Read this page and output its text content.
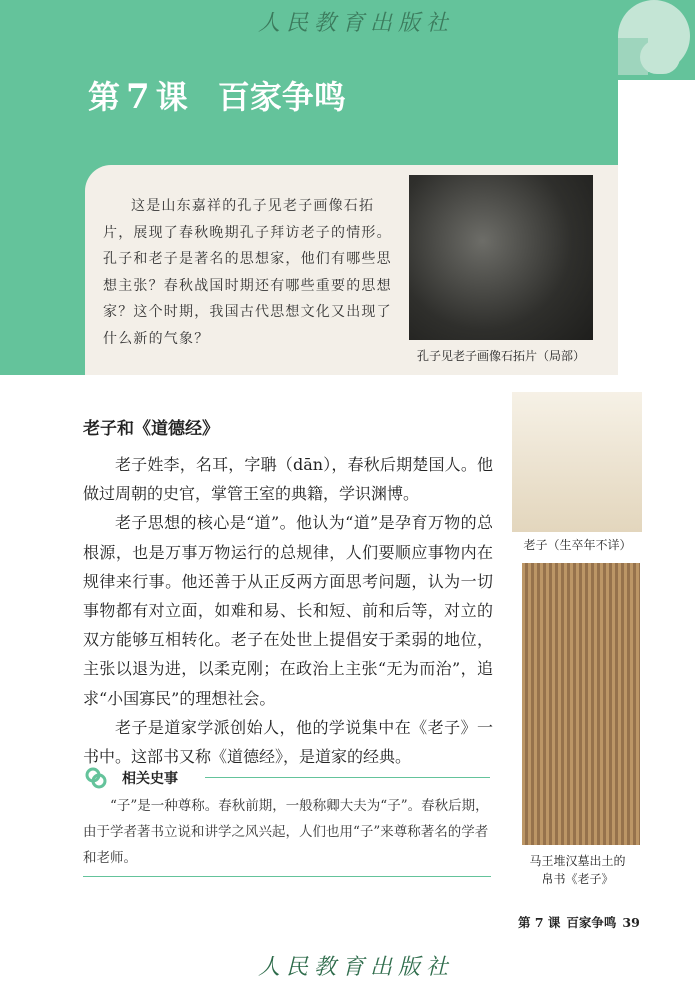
人民教育出版社
第 7 课 百家争鸣
这是山东嘉祥的孔子见老子画像石拓片，展现了春秋晚期孔子拜访老子的情形。孔子和老子是著名的思想家，他们有哪些思想主张？春秋战国时期还有哪些重要的思想家？这个时期，我国古代思想文化又出现了什么新的气象？
孔子见老子画像石拓片（局部）
老子和《道德经》

老子姓李，名耳，字聃（dān），春秋后期楚国人。他做过周朝的史官，掌管王室的典籍，学识渊博。

老子思想的核心是“道”。他认为“道”是孕育万物的总根源，也是万事万物运行的总规律，人们要顺应事物内在规律来行事。他还善于从正反两方面思考问题，认为一切事物都有对立面，如难和易、长和短、前和后等，对立的双方能够互相转化。老子在处世上提倡安于柔弱的地位，主张以退为进，以柔克刚；在政治上主张“无为而治”，追求“小国寡民”的理想社会。

老子是道家学派创始人，他的学说集中在《老子》一书中。这部书又称《道德经》，是道家的经典。

相关史事

“子”是一种尊称。春秋前期，一般称卿大夫为“子”。春秋后期，由于学者著书立说和讲学之风兴起，人们也用“子”来尊称著名的学者和老师。

老子（生卒年不详）
马王堆汉墓出土的
帛书《老子》
第 7 课 百家争鸣 39
人民教育出版社
